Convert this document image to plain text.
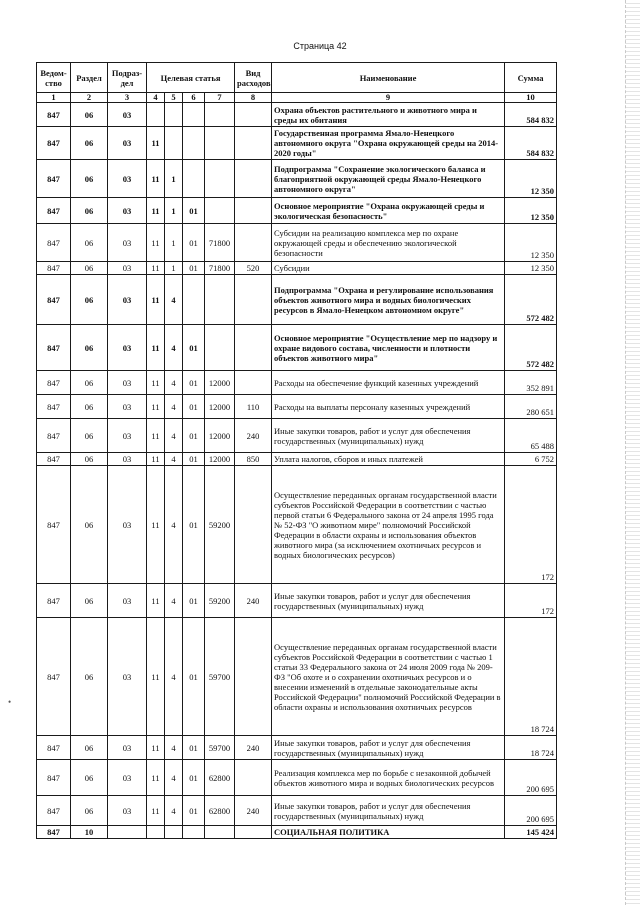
Страница 42
•
Ведом-ство	Раздел	Подраз-дел	Целевая статья				Вид расходов	Наименование	Сумма
1	2	3	4	5	6	7	8	9	10
847	06	03						Охрана объектов растительного и животного мира и среды их обитания	584 832
847	06	03	11					Государственная программа Ямало-Ненецкого автономного округа "Охрана окружающей среды на 2014-2020 годы"	584 832
847	06	03	11	1				Подпрограмма "Сохранение экологического баланса и благоприятной окружающей среды Ямало-Ненецкого автономного округа"	12 350
847	06	03	11	1	01			Основное мероприятие "Охрана окружающей среды и экологическая безопасность"	12 350
847	06	03	11	1	01	71800		Субсидии на реализацию комплекса мер по охране окружающей среды и обеспечению экологической безопасности	12 350
847	06	03	11	1	01	71800	520	Субсидии	12 350
847	06	03	11	4				Подпрограмма "Охрана и регулирование использования объектов животного мира и водных биологических ресурсов в Ямало-Ненецком автономном округе"	572 482
847	06	03	11	4	01			Основное мероприятие "Осуществление мер по надзору и охране видового состава, численности и плотности объектов животного мира"	572 482
847	06	03	11	4	01	12000		Расходы на обеспечение функций казенных учреждений	352 891
847	06	03	11	4	01	12000	110	Расходы на выплаты персоналу казенных учреждений	280 651
847	06	03	11	4	01	12000	240	Иные закупки товаров, работ и услуг для обеспечения государственных (муниципальных) нужд	65 488
847	06	03	11	4	01	12000	850	Уплата налогов, сборов и иных платежей	6 752
847	06	03	11	4	01	59200		Осуществление переданных органам государственной власти субъектов Российской Федерации в соответствии с частью первой статьи 6 Федерального закона от 24 апреля 1995 года № 52-ФЗ "О животном мире" полномочий Российской Федерации в области охраны и использования объектов животного мира (за исключением охотничьих ресурсов и водных биологических ресурсов)	172
847	06	03	11	4	01	59200	240	Иные закупки товаров, работ и услуг для обеспечения государственных (муниципальных) нужд	172
847	06	03	11	4	01	59700		Осуществление переданных органам государственной власти субъектов Российской Федерации в соответствии с частью 1 статьи 33 Федерального закона от 24 июля 2009 года № 209-ФЗ "Об охоте и о сохранении охотничьих ресурсов и о внесении изменений в отдельные законодательные акты Российской Федерации" полномочий Российской Федерации в области охраны и использования охотничьих ресурсов	18 724
847	06	03	11	4	01	59700	240	Иные закупки товаров, работ и услуг для обеспечения государственных (муниципальных) нужд	18 724
847	06	03	11	4	01	62800		Реализация комплекса мер по борьбе с незаконной добычей объектов животного мира и водных биологических ресурсов	200 695
847	06	03	11	4	01	62800	240	Иные закупки товаров, работ и услуг для обеспечения государственных (муниципальных) нужд	200 695
847	10							СОЦИАЛЬНАЯ ПОЛИТИКА	145 424
